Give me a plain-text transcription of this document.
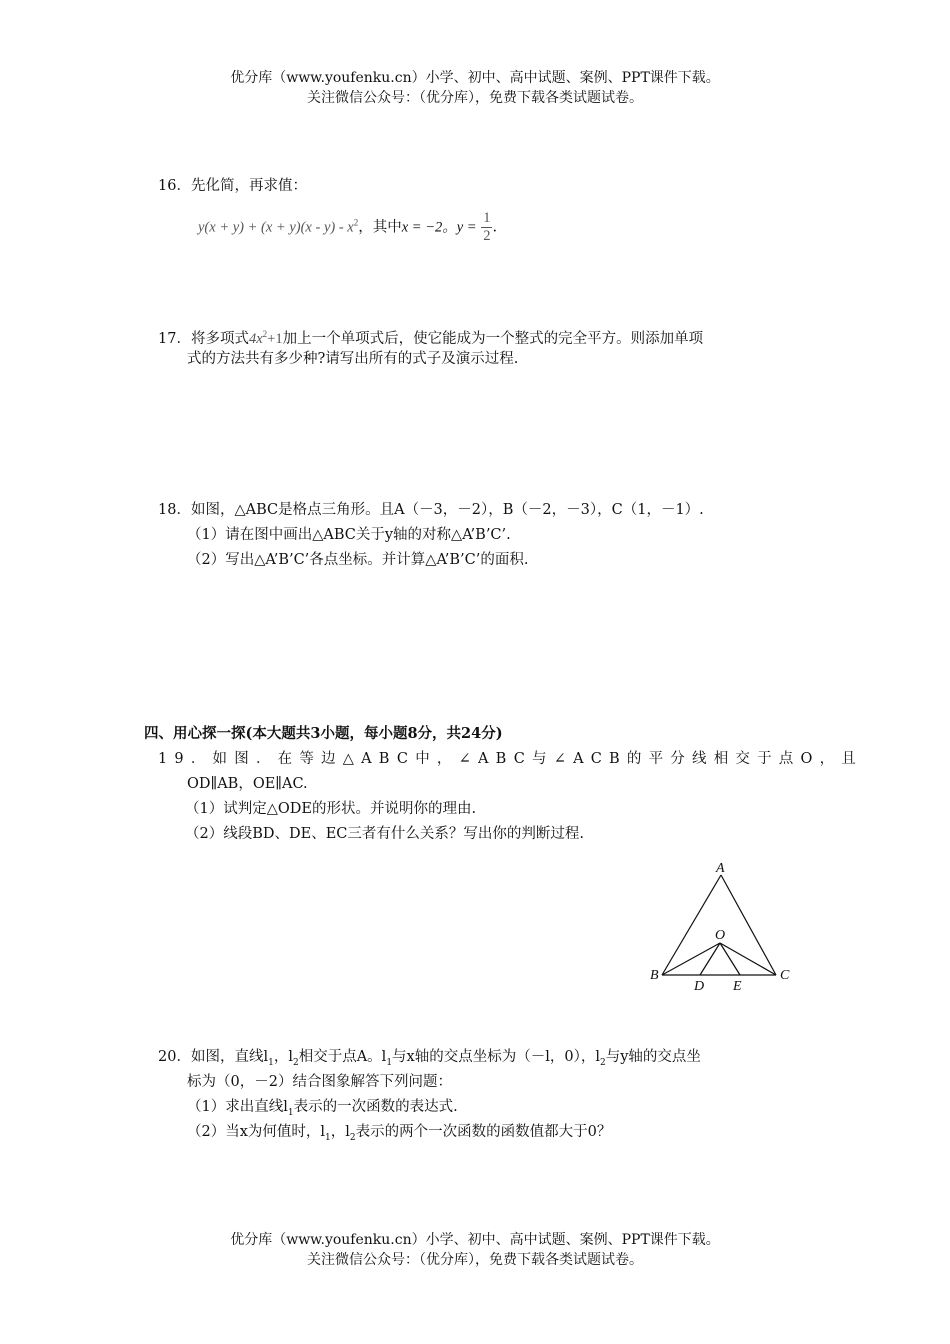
优分库（www.youfenku.cn）小学、初中、高中试题、案例、PPT课件下载。
关注微信公众号：（优分库），免费下载各类试题试卷。
16．先化简，再求值：
$y(x + y) + (x + y)(x - y) - x^2$，其中x = −2。$y = \frac{1}{2}$ .
17．将多项式$4x^2+1$加上一个单项式后，使它能成为一个整式的完全平方。则添加单项
式的方法共有多少种?请写出所有的式子及演示过程.
18．如图，△ABC是格点三角形。且A（－3，－2），B（－2，－3），C（1，－1）.
（1）请在图中画出△ABC关于y轴的对称△A’B’C’.
（2）写出△A’B’C’各点坐标。并计算△A’B’C’的面积.
四、用心探一探(本大题共3小题，每小题8分，共24分)
19．如图．在等边△ABC中，∠ABC与∠ACB的平分线相交于点O，且
OD∥AB，OE∥AC.
（1）试判定△ODE的形状。并说明你的理由.
（2）线段BD、DE、EC三者有什么关系？写出你的判断过程.
A
O
B	C
D E
20．如图，直线$l_1$，$l_2$相交于点A。$l_1$与x轴的交点坐标为（－l，0），$l_2$与y轴的交点坐
标为（0，－2）结合图象解答下列问题：
（1）求出直线$l_1$表示的一次函数的表达式.
（2）当x为何值时，$l_1$，$l_2$表示的两个一次函数的函数值都大于0？
优分库（www.youfenku.cn）小学、初中、高中试题、案例、PPT课件下载。
关注微信公众号：（优分库），免费下载各类试题试卷。
